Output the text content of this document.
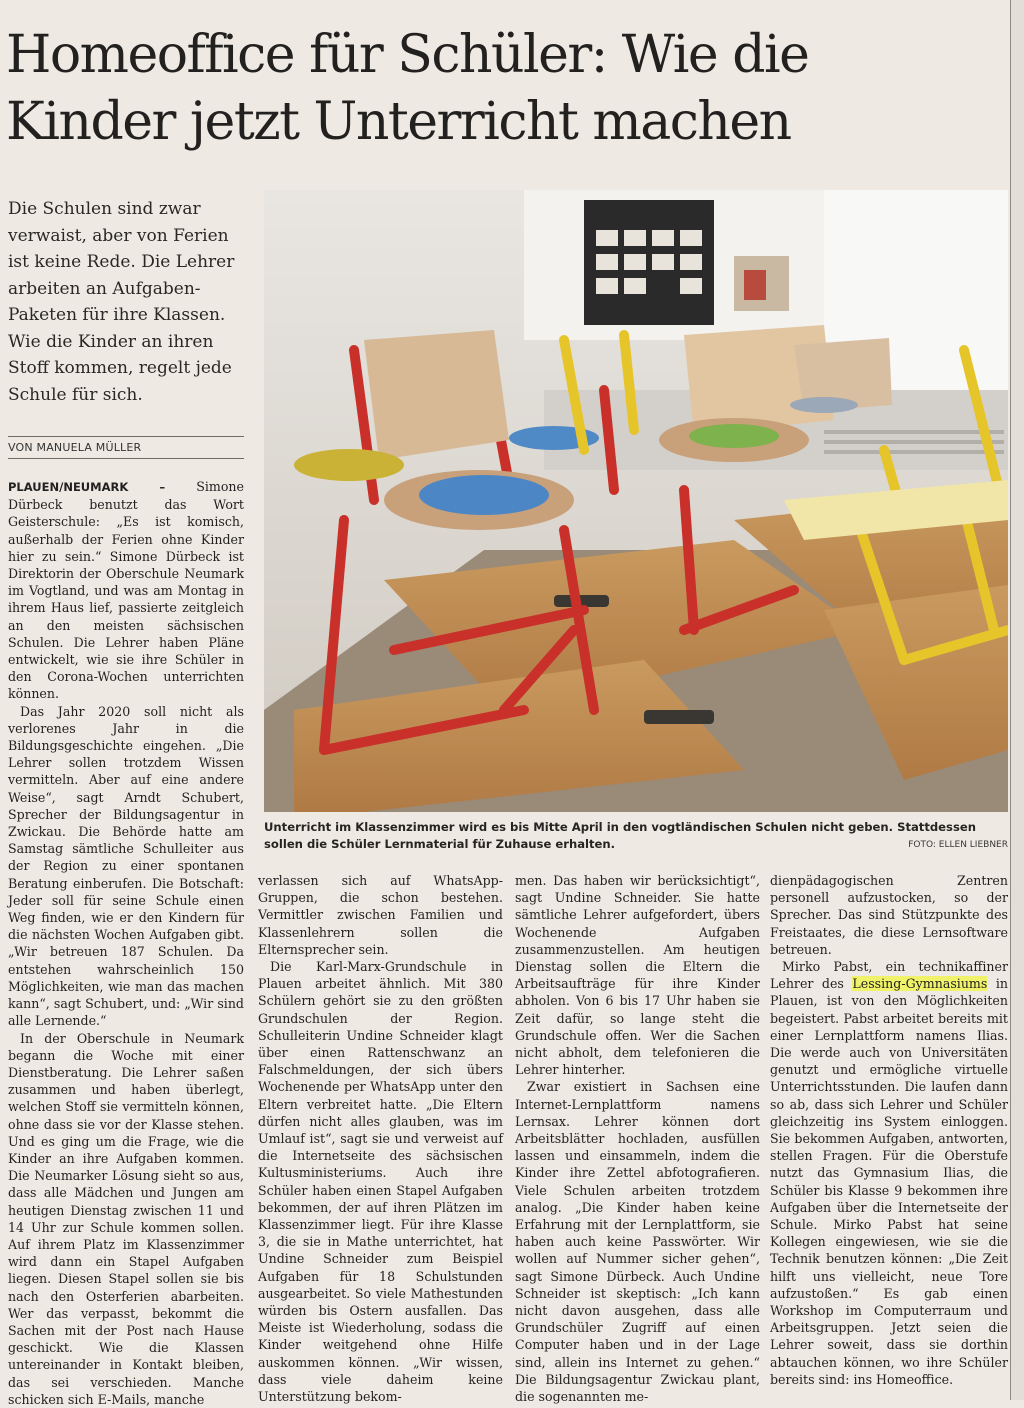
Homeoffice für Schüler: Wie die
Kinder jetzt Unterricht machen

Die Schulen sind zwar verwaist, aber von Ferien ist keine Rede. Die Lehrer arbeiten an Aufgaben-Paketen für ihre Klassen. Wie die Kinder an ihren Stoff kommen, regelt jede Schule für sich.

VON MANUELA MÜLLER
Unterricht im Klassenzimmer wird es bis Mitte April in den vogtländischen Schulen nicht geben. Stattdessen sollen die Schüler Lernmaterial für Zuhause erhalten.	FOTO: ELLEN LIEBNER

PLAUEN/NEUMARK – Simone Dürbeck benutzt das Wort Geisterschule: „Es ist komisch, außerhalb der Ferien ohne Kinder hier zu sein.“ Simone Dürbeck ist Direktorin der Oberschule Neumark im Vogtland, und was am Montag in ihrem Haus lief, passierte zeitgleich an den meisten sächsischen Schulen. Die Lehrer haben Pläne entwickelt, wie sie ihre Schüler in den Corona-Wochen unterrichten können.

Das Jahr 2020 soll nicht als verlorenes Jahr in die Bildungsgeschichte eingehen. „Die Lehrer sollen trotzdem Wissen vermitteln. Aber auf eine andere Weise“, sagt Arndt Schubert, Sprecher der Bildungsagentur in Zwickau. Die Behörde hatte am Samstag sämtliche Schulleiter aus der Region zu einer spontanen Beratung einberufen. Die Botschaft: Jeder soll für seine Schule einen Weg finden, wie er den Kindern für die nächsten Wochen Aufgaben gibt. „Wir betreuen 187 Schulen. Da entstehen wahrscheinlich 150 Möglichkeiten, wie man das machen kann“, sagt Schubert, und: „Wir sind alle Lernende.“

In der Oberschule in Neumark begann die Woche mit einer Dienstberatung. Die Lehrer saßen zusammen und haben überlegt, welchen Stoff sie vermitteln können, ohne dass sie vor der Klasse stehen. Und es ging um die Frage, wie die Kinder an ihre Aufgaben kommen. Die Neumarker Lösung sieht so aus, dass alle Mädchen und Jungen am heutigen Dienstag zwischen 11 und 14 Uhr zur Schule kommen sollen. Auf ihrem Platz im Klassenzimmer wird dann ein Stapel Aufgaben liegen. Diesen Stapel sollen sie bis nach den Osterferien abarbeiten. Wer das verpasst, bekommt die Sachen mit der Post nach Hause geschickt. Wie die Klassen untereinander in Kontakt bleiben, das sei verschieden. Manche schicken sich E-Mails, manche

verlassen sich auf WhatsApp-Gruppen, die schon bestehen. Vermittler zwischen Familien und Klassenlehrern sollen die Elternsprecher sein.

Die Karl-Marx-Grundschule in Plauen arbeitet ähnlich. Mit 380 Schülern gehört sie zu den größten Grundschulen der Region. Schulleiterin Undine Schneider klagt über einen Rattenschwanz an Falschmeldungen, der sich übers Wochenende per WhatsApp unter den Eltern verbreitet hatte. „Die Eltern dürfen nicht alles glauben, was im Umlauf ist“, sagt sie und verweist auf die Internetseite des sächsischen Kultusministeriums. Auch ihre Schüler haben einen Stapel Aufgaben bekommen, der auf ihren Plätzen im Klassenzimmer liegt. Für ihre Klasse 3, die sie in Mathe unterrichtet, hat Undine Schneider zum Beispiel Aufgaben für 18 Schulstunden ausgearbeitet. So viele Mathestunden würden bis Ostern ausfallen. Das Meiste ist Wiederholung, sodass die Kinder weitgehend ohne Hilfe auskommen können. „Wir wissen, dass viele daheim keine Unterstützung bekom-

men. Das haben wir berücksichtigt“, sagt Undine Schneider. Sie hatte sämtliche Lehrer aufgefordert, übers Wochenende Aufgaben zusammenzustellen. Am heutigen Dienstag sollen die Eltern die Arbeitsaufträge für ihre Kinder abholen. Von 6 bis 17 Uhr haben sie Zeit dafür, so lange steht die Grundschule offen. Wer die Sachen nicht abholt, dem telefonieren die Lehrer hinterher.

Zwar existiert in Sachsen eine Internet-Lernplattform namens Lernsax. Lehrer können dort Arbeitsblätter hochladen, ausfüllen lassen und einsammeln, indem die Kinder ihre Zettel abfotografieren. Viele Schulen arbeiten trotzdem analog. „Die Kinder haben keine Erfahrung mit der Lernplattform, sie haben auch keine Passwörter. Wir wollen auf Nummer sicher gehen“, sagt Simone Dürbeck. Auch Undine Schneider ist skeptisch: „Ich kann nicht davon ausgehen, dass alle Grundschüler Zugriff auf einen Computer haben und in der Lage sind, allein ins Internet zu gehen.“ Die Bildungsagentur Zwickau plant, die sogenannten me-

dienpädagogischen Zentren personell aufzustocken, so der Sprecher. Das sind Stützpunkte des Freistaates, die diese Lernsoftware betreuen.

Mirko Pabst, ein technikaffiner Lehrer des Lessing-Gymnasiums in Plauen, ist von den Möglichkeiten begeistert. Pabst arbeitet bereits mit einer Lernplattform namens Ilias. Die werde auch von Universitäten genutzt und ermögliche virtuelle Unterrichtsstunden. Die laufen dann so ab, dass sich Lehrer und Schüler gleichzeitig ins System einloggen. Sie bekommen Aufgaben, antworten, stellen Fragen. Für die Oberstufe nutzt das Gymnasium Ilias, die Schüler bis Klasse 9 bekommen ihre Aufgaben über die Internetseite der Schule. Mirko Pabst hat seine Kollegen eingewiesen, wie sie die Technik benutzen können: „Die Zeit hilft uns vielleicht, neue Tore aufzustoßen.“ Es gab einen Workshop im Computerraum und Arbeitsgruppen. Jetzt seien die Lehrer soweit, dass sie dorthin abtauchen können, wo ihre Schüler bereits sind: ins Homeoffice.
